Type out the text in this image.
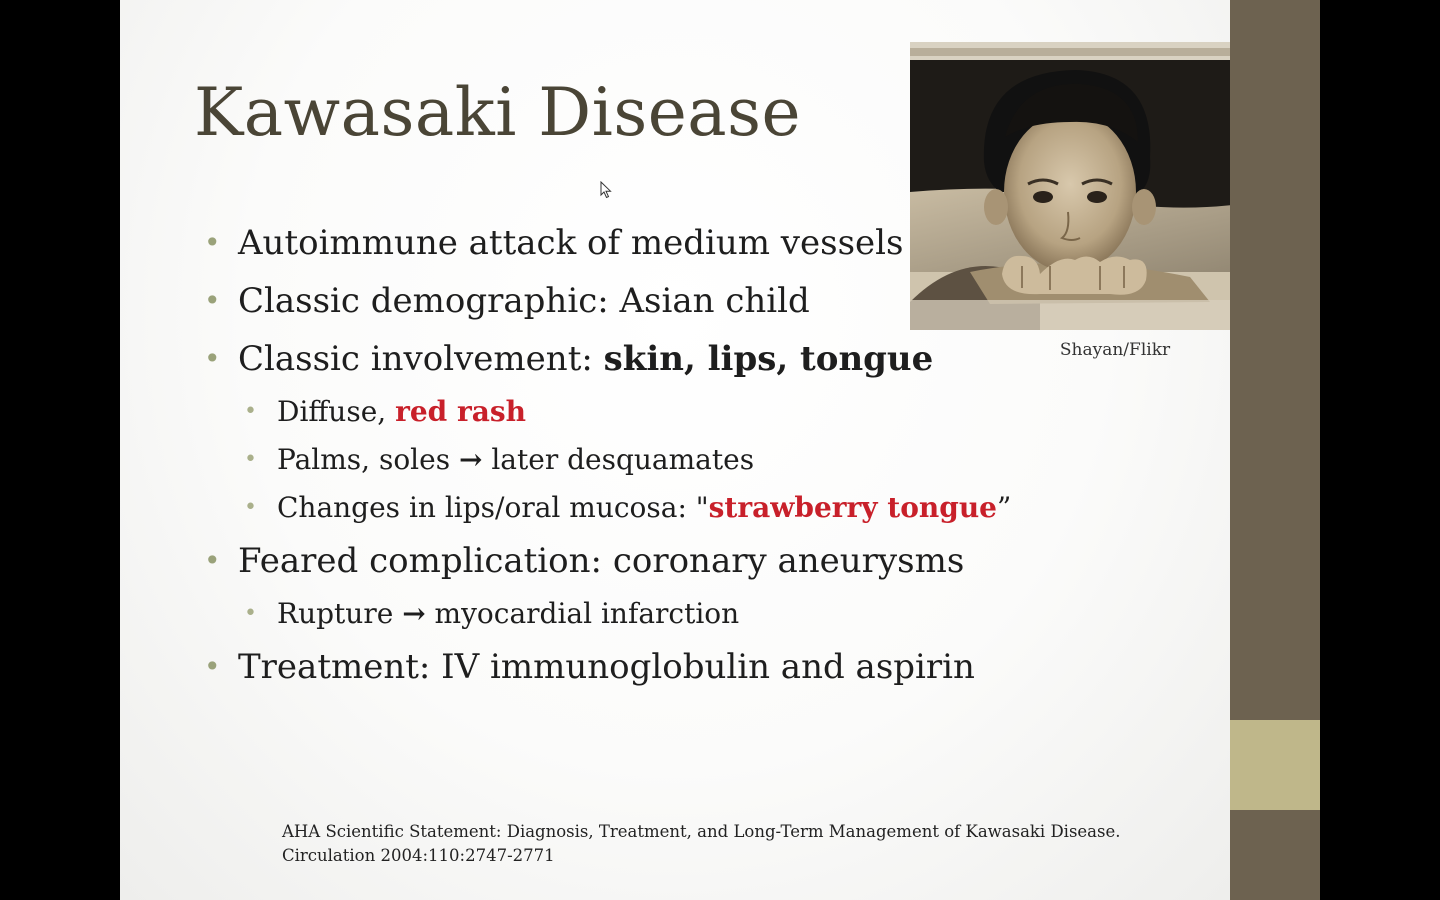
Kawasaki Disease
Shayan/Flikr
• Autoimmune attack of medium vessels
• Classic demographic: Asian child
• Classic involvement: skin, lips, tongue
• Diffuse, red rash
• Palms, soles → later desquamates
• Changes in lips/oral mucosa: "strawberry tongue”
• Feared complication: coronary aneurysms
• Rupture → myocardial infarction
• Treatment: IV immunoglobulin and aspirin
AHA Scientific Statement: Diagnosis, Treatment, and Long-Term Management of Kawasaki Disease.
Circulation 2004:110:2747-2771
